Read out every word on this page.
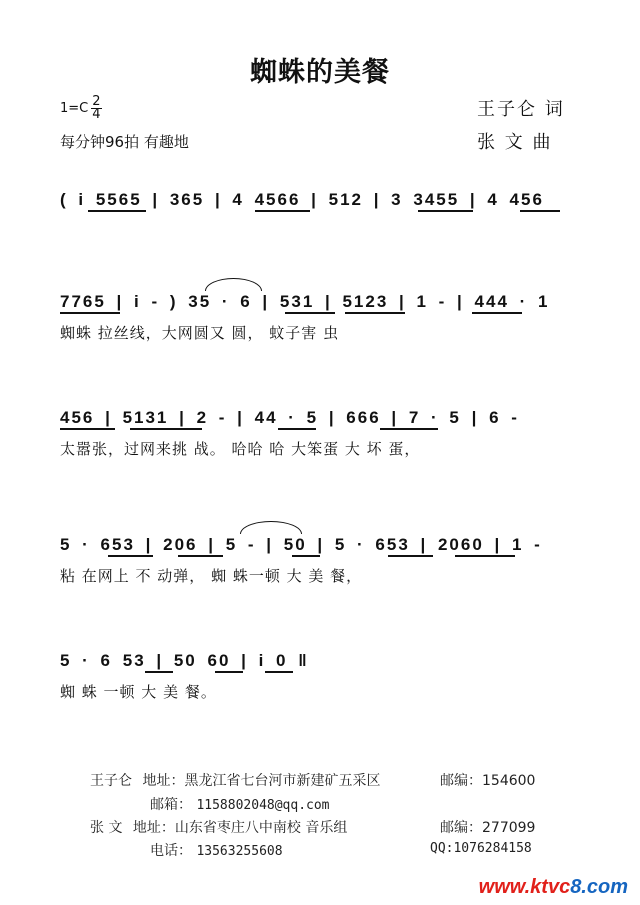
蜘蛛的美餐
$1=C \frac{2}{4}$
每分钟96拍 有趣地
王子仑 词
张 文 曲
( i 5565 | 365 | 4 4566 | 512 | 3 3455 | 4 456
7765 | i - ) 35 · 6 | 531 | 5123 | 1 - | 444 · 1
蜘蛛 拉丝线，大网圆又 圆， 蚊子害 虫
456 | 5131 | 2 - | 44 · 5 | 666 | 7 · 5 | 6 -
太嚣张，过网来挑 战。 哈哈 哈 大笨蛋 大 坏 蛋，
5 · 653 | 206 | 5 - | 50 | 5 · 653 | 2060 | 1 -
粘 在网上 不 动弹， 蜘 蛛一顿 大 美 餐，
5 · 6 53 | 50 60 | i 0 ‖
蜘 蛛 一顿 大 美 餐。
王子仑 地址：黑龙江省七台河市新建矿五采区	邮编：154600
邮箱： 1158802048@qq.com
张 文 地址：山东省枣庄八中南校 音乐组	邮编：277099
电话： 13563255608	QQ:1076284158
www.ktvc8.com
